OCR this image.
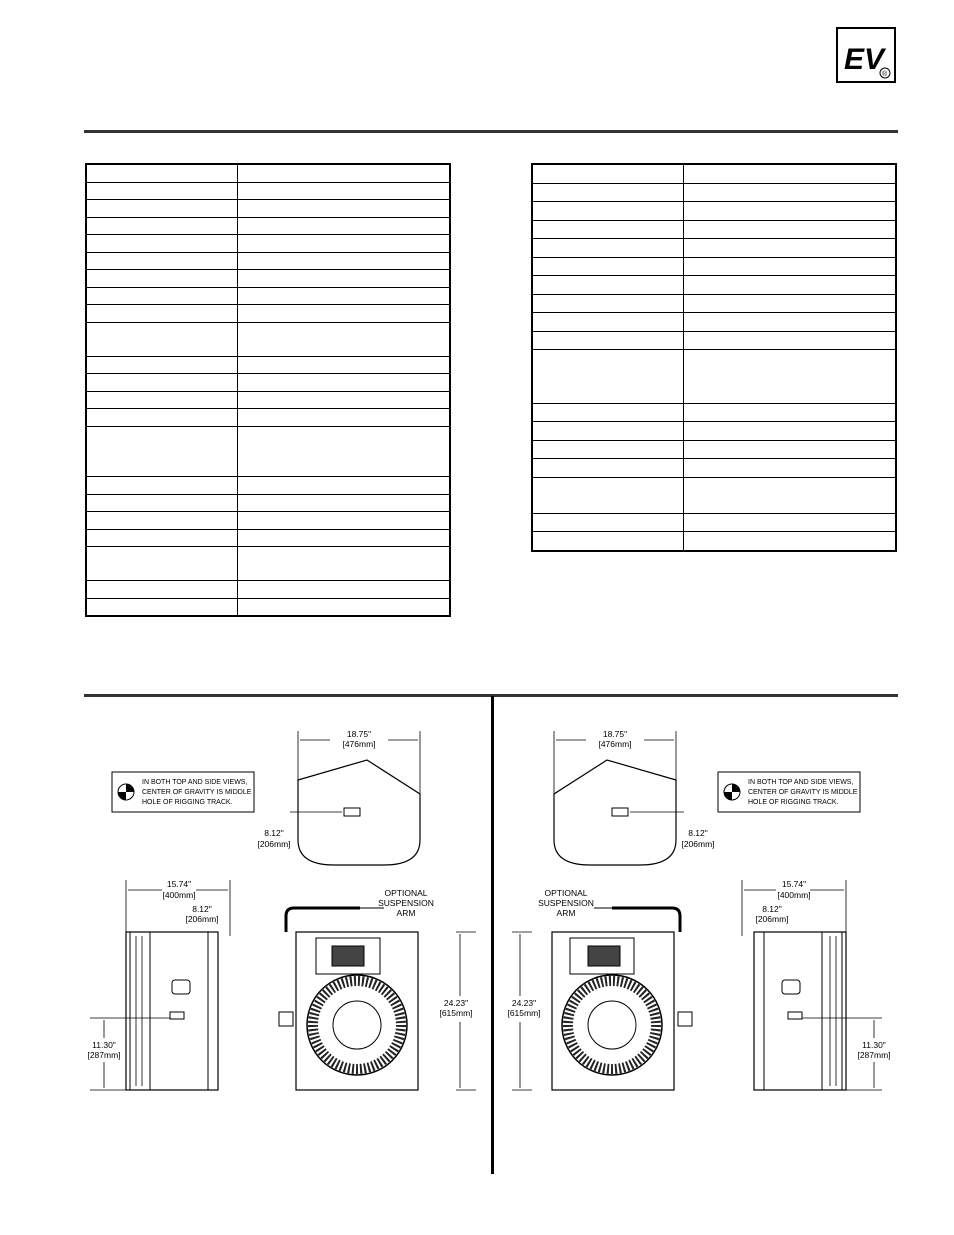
EV
®

18.75"
[476mm]
8.12"
[206mm]
IN BOTH TOP AND SIDE VIEWS,
CENTER OF GRAVITY IS MIDDLE
HOLE OF RIGGING TRACK.
15.74"
[400mm]
8.12"
[206mm]
11.30"
[287mm]
OPTIONAL
SUSPENSION
ARM
24.23"
[615mm]
18.75"
[476mm]
8.12"
[206mm]
IN BOTH TOP AND SIDE VIEWS,
CENTER OF GRAVITY IS MIDDLE
HOLE OF RIGGING TRACK.
OPTIONAL
SUSPENSION
ARM
24.23"
[615mm]
15.74"
[400mm]
8.12"
[206mm]
11.30"
[287mm]
